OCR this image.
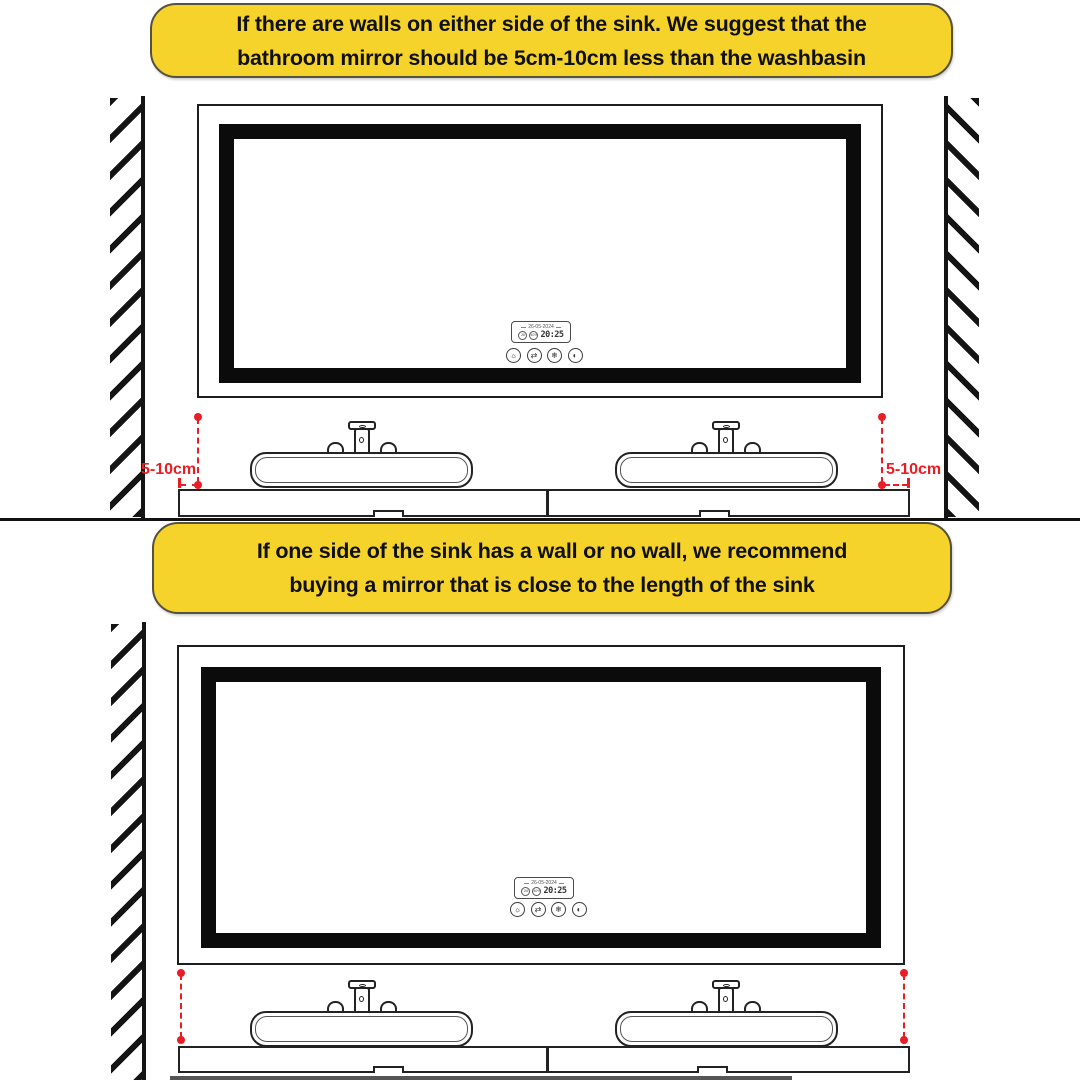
If there are walls on either side of the sink. We suggest that the
bathroom mirror should be 5cm-10cm less than the washbasin
26-05-2024
26 40% 20:25
☼ ⇄ ❄ ◐
5-10cm	5-10cm
If one side of the sink has a wall or no wall, we recommend
buying a mirror that is close to the length of the sink
26-05-2024
26 40% 20:25
☼ ⇄ ❄ ◐
